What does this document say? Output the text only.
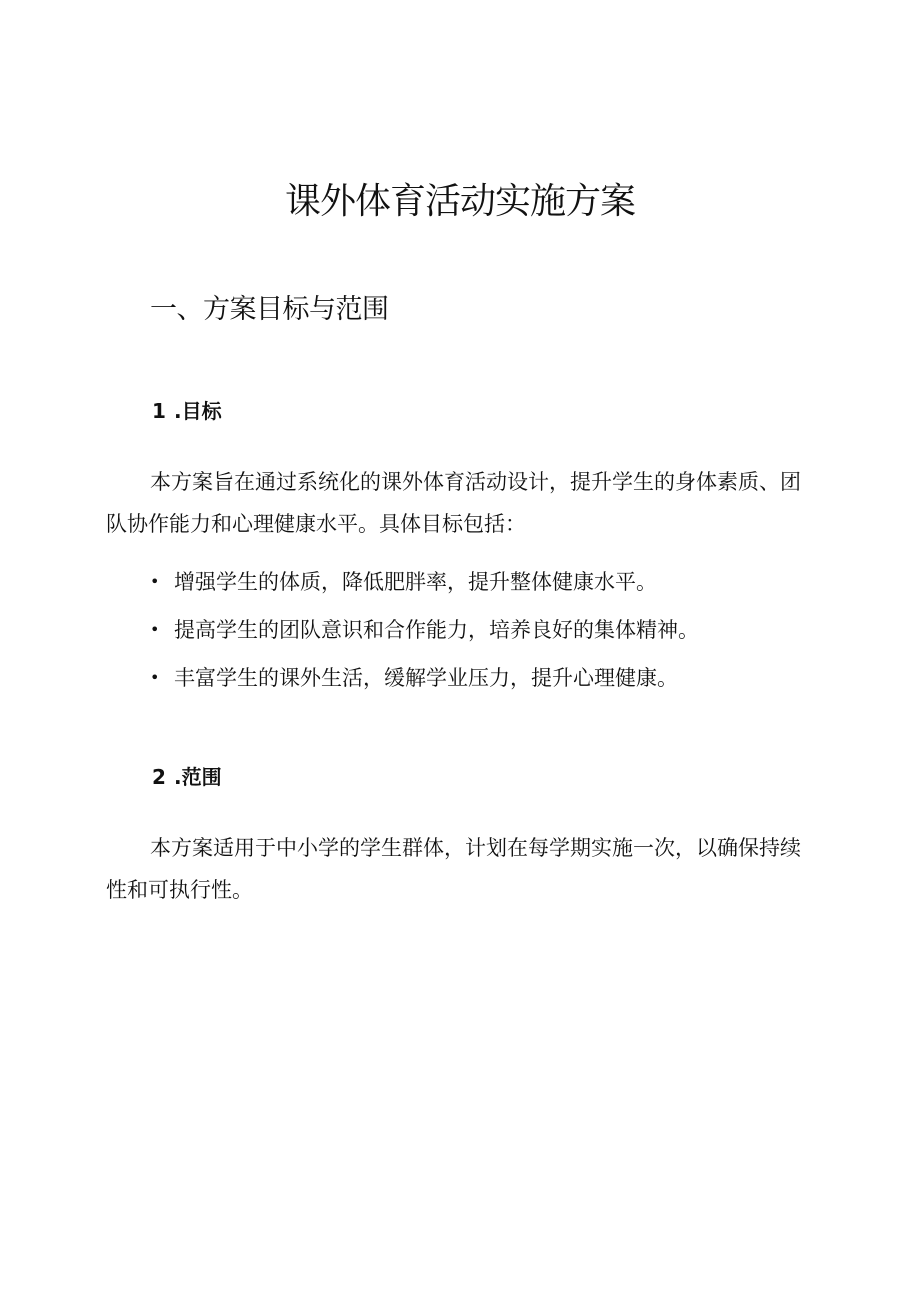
课外体育活动实施方案
一、方案目标与范围
1 .目标

本方案旨在通过系统化的课外体育活动设计，提升学生的身体素质、团队协作能力和心理健康水平。具体目标包括：

• 增强学生的体质，降低肥胖率，提升整体健康水平。
• 提高学生的团队意识和合作能力，培养良好的集体精神。
• 丰富学生的课外生活，缓解学业压力，提升心理健康。
2 .范围

本方案适用于中小学的学生群体，计划在每学期实施一次，以确保持续性和可执行性。
